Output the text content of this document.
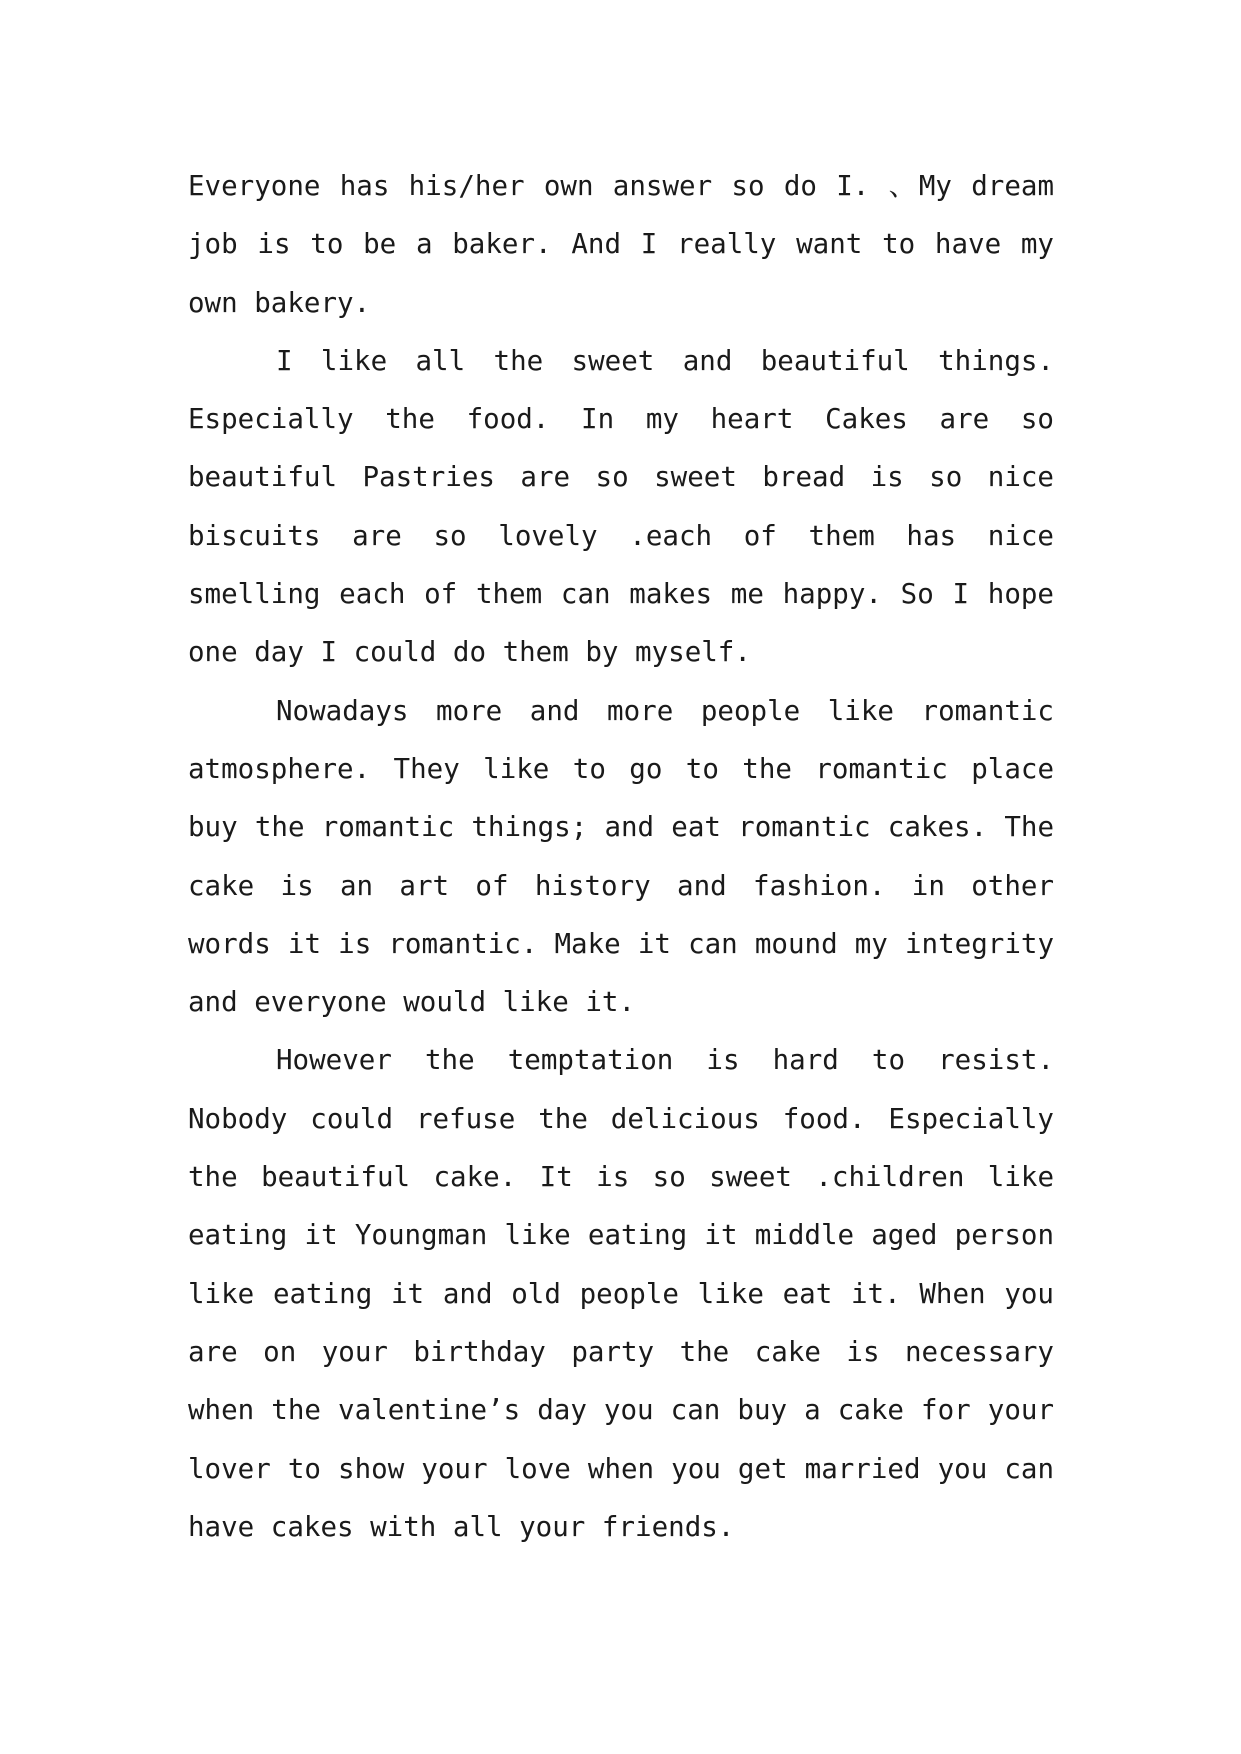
Everyone has his/her own answer so do I. 、My dream job is to be a baker. And I really want to have my own bakery.

I like all the sweet and beautiful things. Especially the food. In my heart Cakes are so beautiful Pastries are so sweet bread is so nice biscuits are so lovely .each of them has nice smelling each of them can makes me happy. So I hope one day I could do them by myself.

Nowadays more and more people like romantic atmosphere. They like to go to the romantic place buy the romantic things; and eat romantic cakes. The cake is an art of history and fashion. in other words it is romantic. Make it can mound my integrity and everyone would like it.

However the temptation is hard to resist. Nobody could refuse the delicious food. Especially the beautiful cake. It is so sweet .children like eating it Youngman like eating it middle aged person like eating it and old people like eat it. When you are on your birthday party the cake is necessary when the valentine’s day you can buy a cake for your lover to show your love when you get married you can have cakes with all your friends.
